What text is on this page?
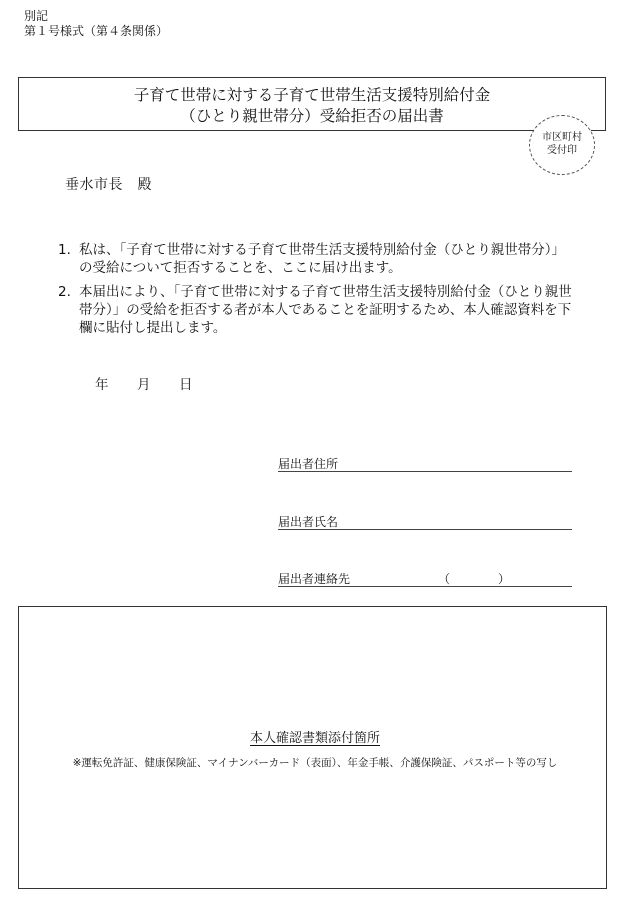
別記
第１号様式（第４条関係）
子育て世帯に対する子育て世帯生活支援特別給付金
（ひとり親世帯分）受給拒否の届出書
市区町村
受付印
垂水市長　殿
1. 私は、「子育て世帯に対する子育て世帯生活支援特別給付金（ひとり親世帯分）」の受給について拒否することを、ここに届け出ます。
2. 本届出により、「子育て世帯に対する子育て世帯生活支援特別給付金（ひとり親世帯分）」の受給を拒否する者が本人であることを証明するため、本人確認資料を下欄に貼付し提出します。
年 月 日
届出者住所
届出者氏名
届出者連絡先	（　　　　）
本人確認書類添付箇所
※運転免許証、健康保険証、マイナンバーカード（表面）、年金手帳、介護保険証、パスポート等の写し
